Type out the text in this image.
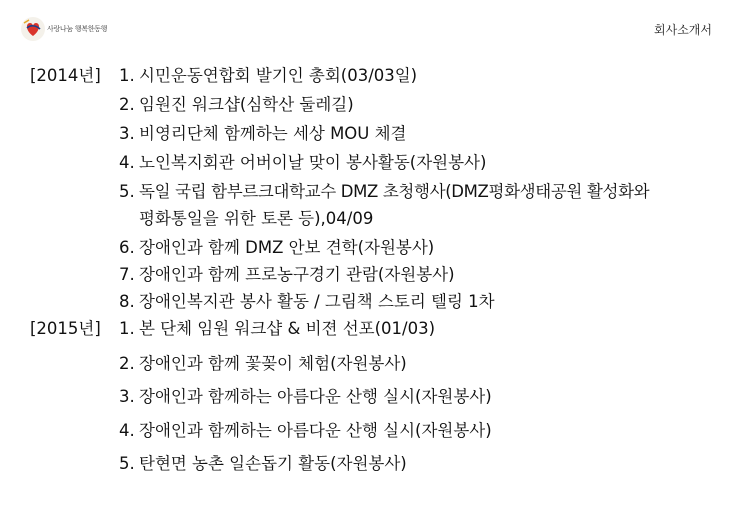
사랑나눔 행복한동행	회사소개서
[2014년] 1. 시민운동연합회 발기인 총회(03/03일)
2. 임원진 워크샵(심학산 둘레길)
3. 비영리단체 함께하는 세상 MOU 체결
4. 노인복지회관 어버이날 맞이 봉사활동(자원봉사)
5. 독일 국립 함부르크대학교수 DMZ 초청행사(DMZ평화생태공원 활성화와
평화통일을 위한 토론 등),04/09
6. 장애인과 함께 DMZ 안보 견학(자원봉사)
7. 장애인과 함께 프로농구경기 관람(자원봉사)
8. 장애인복지관 봉사 활동 / 그림책 스토리 텔링 1차
[2015년] 1. 본 단체 임원 워크샵 & 비젼 선포(01/03)
2. 장애인과 함께 꽃꽂이 체험(자원봉사)
3. 장애인과 함께하는 아름다운 산행 실시(자원봉사)
4. 장애인과 함께하는 아름다운 산행 실시(자원봉사)
5. 탄현면 농촌 일손돕기 활동(자원봉사)
